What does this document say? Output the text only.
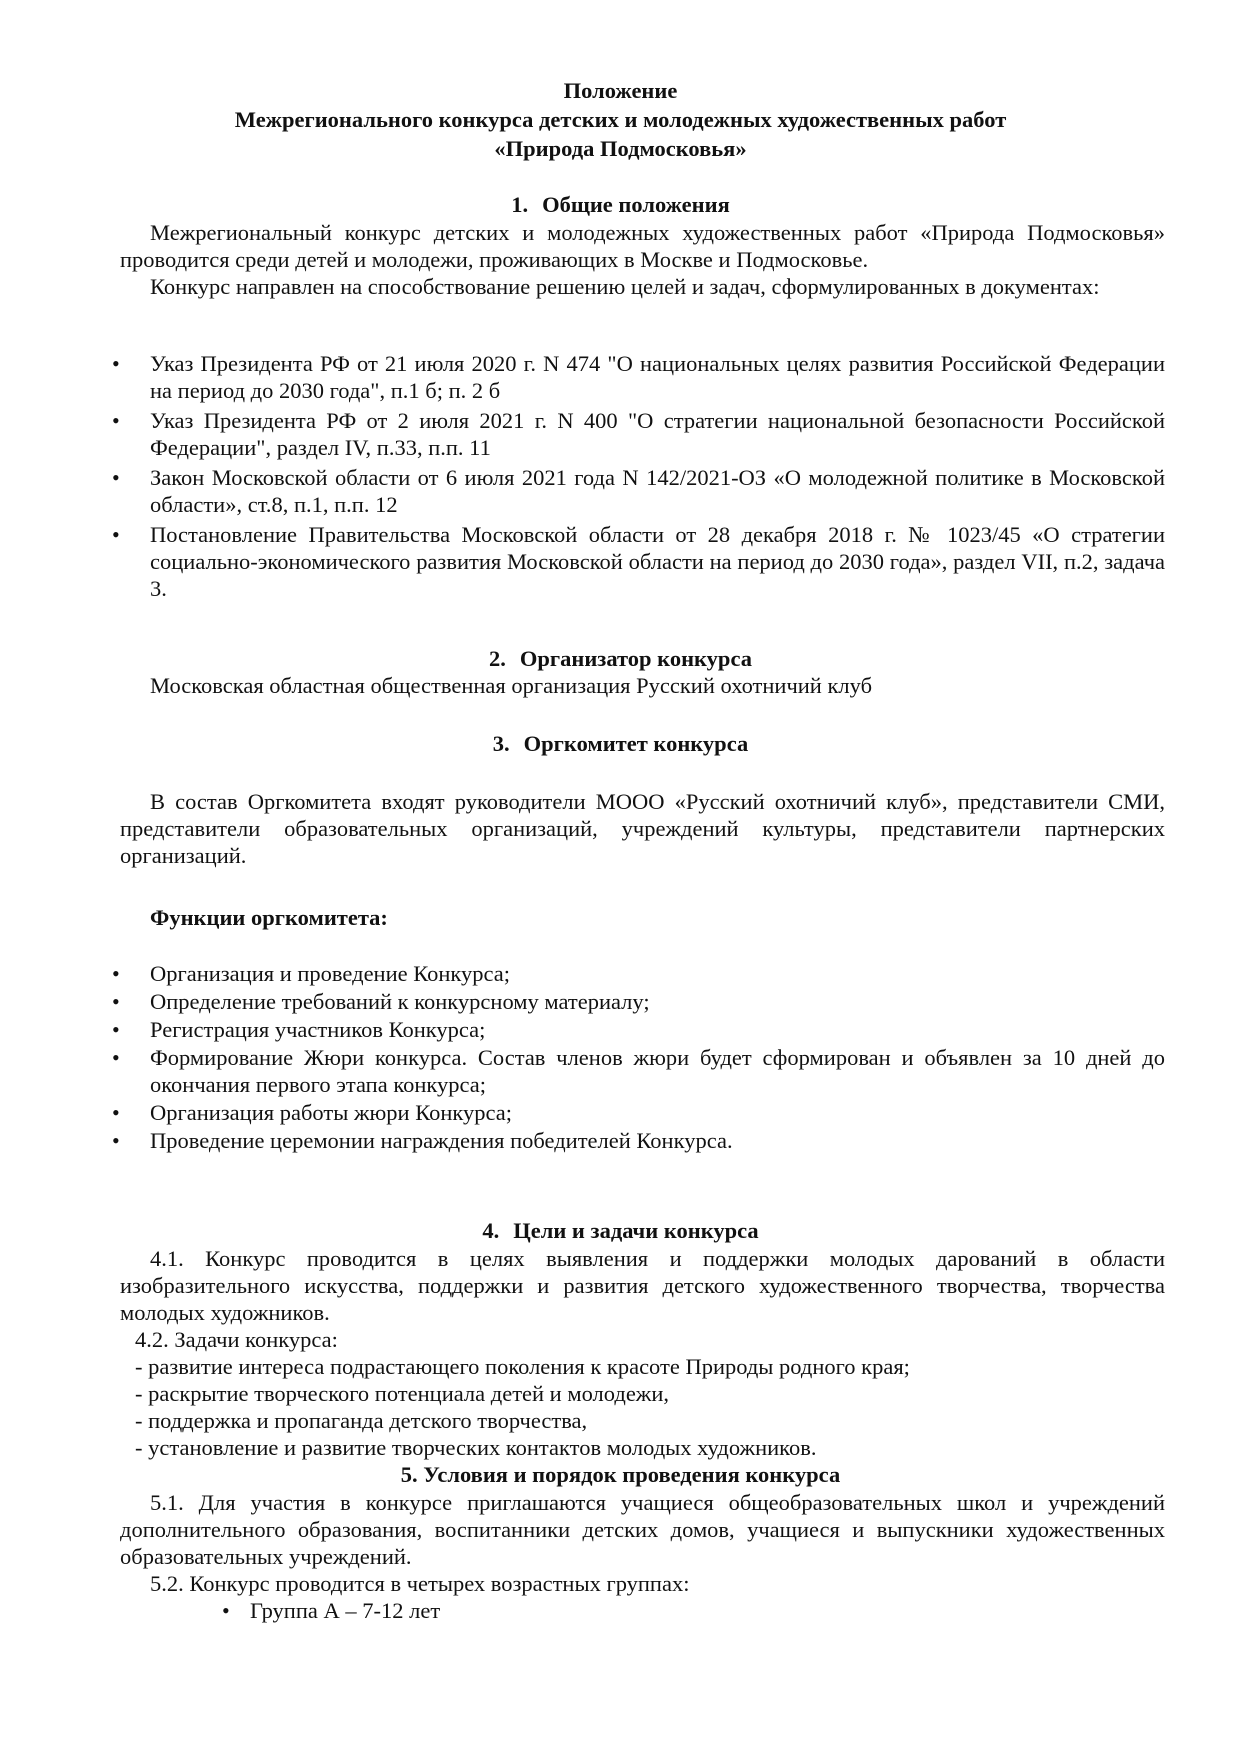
Положение
Межрегионального конкурса детских и молодежных художественных работ
«Природа Подмосковья»
1. Общие положения
Межрегиональный конкурс детских и молодежных художественных работ «Природа Подмосковья» проводится среди детей и молодежи, проживающих в Москве и Подмосковье.
Конкурс направлен на способствование решению целей и задач, сформулированных в документах:
• Указ Президента РФ от 21 июля 2020 г. N 474 "О национальных целях развития Российской Федерации на период до 2030 года", п.1 б; п. 2 б
• Указ Президента РФ от 2 июля 2021 г. N 400 "О стратегии национальной безопасности Российской Федерации", раздел IV, п.33, п.п. 11
• Закон Московской области от 6 июля 2021 года N 142/2021-ОЗ «О молодежной политике в Московской области», ст.8, п.1, п.п. 12
• Постановление Правительства Московской области от 28 декабря 2018 г. № 1023/45 «О стратегии социально-экономического развития Московской области на период до 2030 года», раздел VII, п.2, задача 3.
2. Организатор конкурса
Московская областная общественная организация Русский охотничий клуб
3. Оргкомитет конкурса
В состав Оргкомитета входят руководители МООО «Русский охотничий клуб», представители СМИ, представители образовательных организаций, учреждений культуры, представители партнерских организаций.
Функции оргкомитета:
• Организация и проведение Конкурса;
• Определение требований к конкурсному материалу;
• Регистрация участников Конкурса;
• Формирование Жюри конкурса. Состав членов жюри будет сформирован и объявлен за 10 дней до окончания первого этапа конкурса;
• Организация работы жюри Конкурса;
• Проведение церемонии награждения победителей Конкурса.
4. Цели и задачи конкурса
4.1. Конкурс проводится в целях выявления и поддержки молодых дарований в области изобразительного искусства, поддержки и развития детского художественного творчества, творчества молодых художников.
4.2. Задачи конкурса:
- развитие интереса подрастающего поколения к красоте Природы родного края;
- раскрытие творческого потенциала детей и молодежи,
- поддержка и пропаганда детского творчества,
- установление и развитие творческих контактов молодых художников.
5. Условия и порядок проведения конкурса
5.1. Для участия в конкурсе приглашаются учащиеся общеобразовательных школ и учреждений дополнительного образования, воспитанники детских домов, учащиеся и выпускники художественных образовательных учреждений.
5.2. Конкурс проводится в четырех возрастных группах:
• Группа А – 7-12 лет
